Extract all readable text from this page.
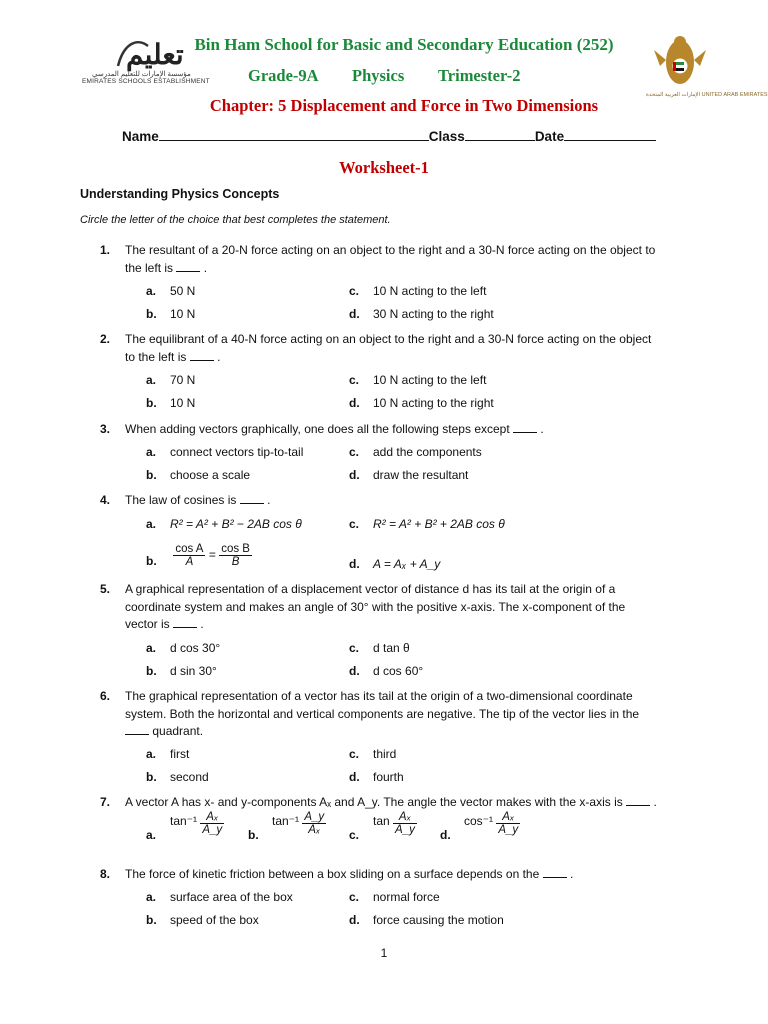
تعليم
مؤسسة الإمارات للتعليم المدرسي
EMIRATES SCHOOLS ESTABLISHMENT
الإمارات العربية المتحدة UNITED ARAB EMIRATES
Bin Ham School for Basic and Secondary Education (252)
Grade-9A Physics Trimester-2
Chapter: 5 Displacement and Force in Two Dimensions
Name	Class	Date
Worksheet-1
Understanding Physics Concepts
Circle the letter of the choice that best completes the statement.
1. The resultant of a 20-N force acting on an object to the right and a 30-N force acting on the object to the left is	.
a. 50 N
b. 10 N
c. 10 N acting to the left
d. 30 N acting to the right
2. The equilibrant of a 40-N force acting on an object to the right and a 30-N force acting on the object to the left is	.
a. 70 N
b. 10 N
c. 10 N acting to the left
d. 10 N acting to the right
3. When adding vectors graphically, one does all the following steps except	.
a. connect vectors tip-to-tail
b. choose a scale
c. add the components
d. draw the resultant
4. The law of cosines is	.
a. R² = A² + B² − 2AB cos θ
b. $\frac{\text{cos A}}{A} = \frac{\text{cos B}}{B}$
c. R² = A² + B² + 2AB cos θ
d. A = Aₓ + A_y
5. A graphical representation of a displacement vector of distance d has its tail at the origin of a coordinate system and makes an angle of 30° with the positive x-axis. The x-component of the vector is	.
a. d cos 30°
b. d sin 30°
c. d tan θ
d. d cos 60°
6. The graphical representation of a vector has its tail at the origin of a two-dimensional coordinate system. Both the horizontal and vertical components are negative. The tip of the vector lies in the  quadrant.
a. first
b. second
c. third
d. fourth
7. A vector A has x- and y-components Aₓ and A_y. The angle the vector makes with the x-axis is	.
$a.\tan^{-1} \frac{\text{Aₓ}}{A\_y} b.\tan^{-1} \frac{A\_y}{\text{Aₓ}} c.\tan \frac{\text{Aₓ}}{A\_y} d.\cos^{-1} \frac{\text{Aₓ}}{A\_y}$
8. The force of kinetic friction between a box sliding on a surface depends on the	.
a. surface area of the box
b. speed of the box
c. normal force
d. force causing the motion
1
